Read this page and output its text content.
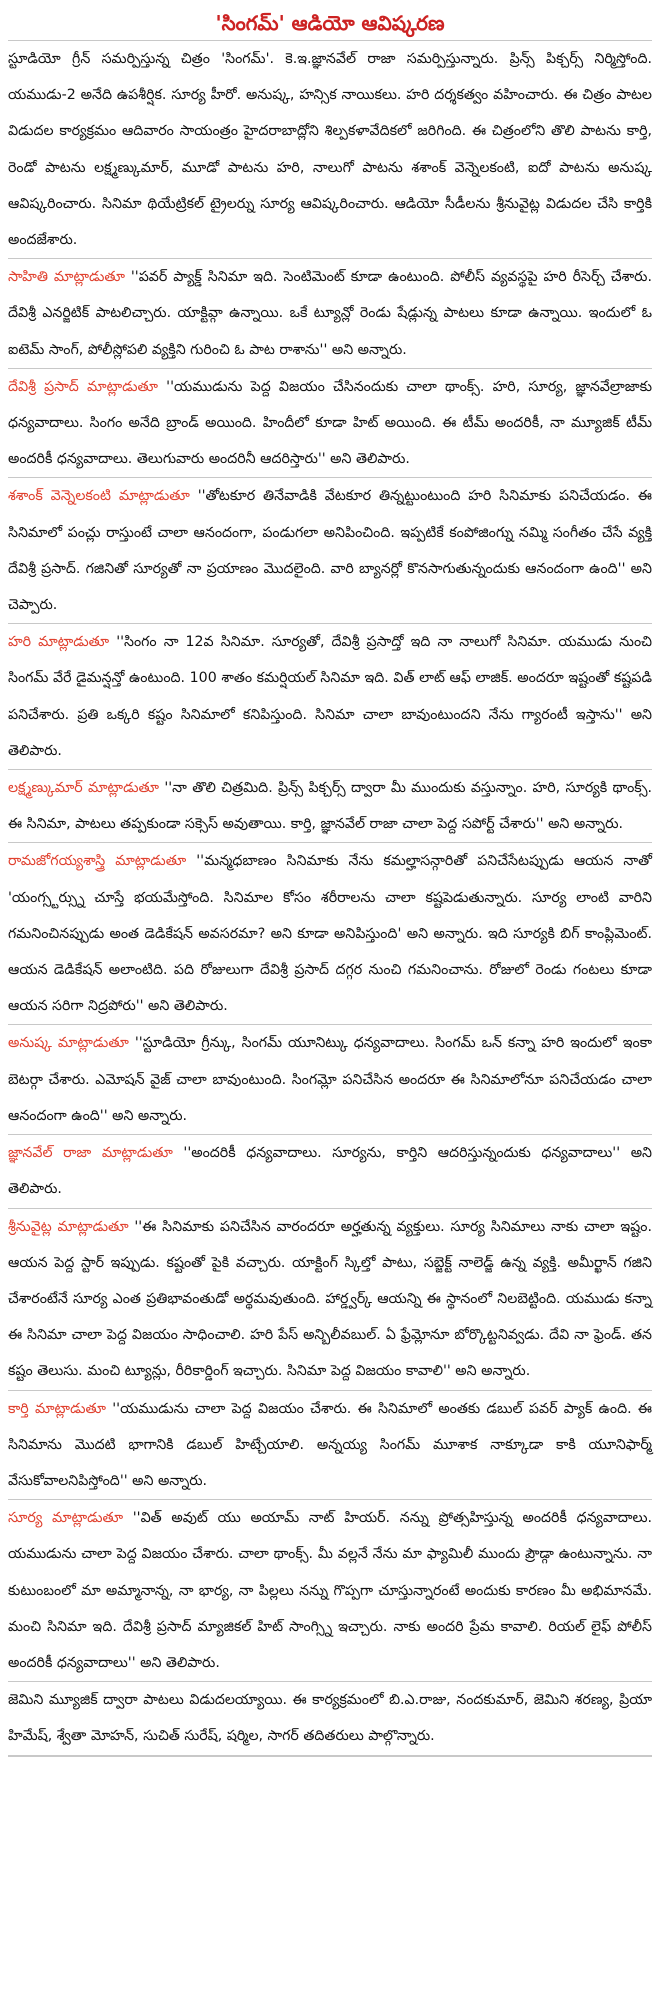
'సింగమ్' ఆడియో ఆవిష్కరణ

స్టూడియో గ్రీన్ సమర్పిస్తున్న చిత్రం 'సింగమ్'. కె.ఇ.జ్ఞానవేల్ రాజా సమర్పిస్తున్నారు. ప్రిన్స్ పిక్చర్స్ నిర్మిస్తోంది. యముడు-2 అనేది ఉపశీర్షిక. సూర్య హీరో. అనుష్క, హన్సిక నాయికలు. హరి దర్శకత్వం వహించారు. ఈ చిత్రం పాటల విడుదల కార్యక్రమం ఆదివారం సాయంత్రం హైదరాబాద్లోని శిల్పకళావేదికలో జరిగింది. ఈ చిత్రంలోని తొలి పాటను కార్తి, రెండో పాటను లక్ష్మణ్కుమార్, మూడో పాటను హరి, నాలుగో పాటను శశాంక్ వెన్నెలకంటి, ఐదో పాటను అనుష్క ఆవిష్కరించారు. సినిమా థియేట్రికల్ ట్రైలర్ను సూర్య ఆవిష్కరించారు. ఆడియో సీడీలను శ్రీనువైట్ల విడుదల చేసి కార్తికి అందజేశారు.

సాహితి మాట్లాడుతూ ''పవర్ ప్యాక్డ్ సినిమా ఇది. సెంటిమెంట్ కూడా ఉంటుంది. పోలీస్ వ్యవస్థపై హరి రీసెర్చ్ చేశారు. దేవిశ్రీ ఎనర్జిటిక్ పాటలిచ్చారు. యాక్టివ్గా ఉన్నాయి. ఒకే ట్యూన్లో రెండు షేడ్లున్న పాటలు కూడా ఉన్నాయి. ఇందులో ఓ ఐటెమ్ సాంగ్, పోలీస్లోపలి వ్యక్తిని గురించి ఓ పాట రాశాను'' అని అన్నారు.

దేవిశ్రీ ప్రసాద్ మాట్లాడుతూ ''యముడును పెద్ద విజయం చేసినందుకు చాలా థాంక్స్. హరి, సూర్య, జ్ఞానవేల్రాజాకు ధన్యవాదాలు. సింగం అనేది బ్రాండ్ అయింది. హిందీలో కూడా హిట్ అయింది. ఈ టీమ్ అందరికీ, నా మ్యూజిక్ టీమ్ అందరికీ ధన్యవాదాలు. తెలుగువారు అందరినీ ఆదరిస్తారు'' అని తెలిపారు.

శశాంక్ వెన్నెలకంటి మాట్లాడుతూ ''తోటకూర తినేవాడికి వేటకూర తిన్నట్టుంటుంది హరి సినిమాకు పనిచేయడం. ఈ సినిమాలో పంచ్లు రాస్తుంటే చాలా ఆనందంగా, పండుగలా అనిపించింది. ఇప్పటికే కంపోజింగ్ను నమ్మి సంగీతం చేసే వ్యక్తి దేవిశ్రీ ప్రసాద్. గజినితో సూర్యతో నా ప్రయాణం మొదలైంది. వారి బ్యానర్లో కొనసాగుతున్నందుకు ఆనందంగా ఉంది'' అని చెప్పారు.

హరి మాట్లాడుతూ ''సింగం నా 12వ సినిమా. సూర్యతో, దేవిశ్రీ ప్రసాద్తో ఇది నా నాలుగో సినిమా. యముడు నుంచి సింగమ్ వేరే డైమన్షన్తో ఉంటుంది. 100 శాతం కమర్షియల్ సినిమా ఇది. విత్ లాట్ ఆఫ్ లాజిక్. అందరూ ఇష్టంతో కష్టపడి పనిచేశారు. ప్రతి ఒక్కరి కష్టం సినిమాలో కనిపిస్తుంది. సినిమా చాలా బావుంటుందని నేను గ్యారంటీ ఇస్తాను'' అని తెలిపారు.

లక్ష్మణ్కుమార్ మాట్లాడుతూ ''నా తొలి చిత్రమిది. ప్రిన్స్ పిక్చర్స్ ద్వారా మీ ముందుకు వస్తున్నాం. హరి, సూర్యకి థాంక్స్. ఈ సినిమా, పాటలు తప్పకుండా సక్సెస్ అవుతాయి. కార్తి, జ్ఞానవేల్ రాజా చాలా పెద్ద సపోర్ట్ చేశారు'' అని అన్నారు.

రామజోగయ్యశాస్త్రి మాట్లాడుతూ ''మన్మధబాణం సినిమాకు నేను కమల్హాసన్గారితో పనిచేసేటప్పుడు ఆయన నాతో 'యంగ్స్టర్స్ను చూస్తే భయమేస్తోంది. సినిమాల కోసం శరీరాలను చాలా కష్టపెడుతున్నారు. సూర్య లాంటి వారిని గమనించినప్పుడు అంత డెడికేషన్ అవసరమా? అని కూడా అనిపిస్తుంది' అని అన్నారు. ఇది సూర్యకి బిగ్ కాంప్లిమెంట్. ఆయన డెడికేషన్ అలాంటిది. పది రోజులుగా దేవిశ్రీ ప్రసాద్ దగ్గర నుంచి గమనించాను. రోజులో రెండు గంటలు కూడా ఆయన సరిగా నిద్రపోరు'' అని తెలిపారు.

అనుష్క మాట్లాడుతూ ''స్టూడియో గ్రీన్కు, సింగమ్ యూనిట్కు ధన్యవాదాలు. సింగమ్ ఒన్ కన్నా హరి ఇందులో ఇంకా బెటర్గా చేశారు. ఎమోషన్ వైజ్ చాలా బావుంటుంది. సింగమ్లో పనిచేసిన అందరూ ఈ సినిమాలోనూ పనిచేయడం చాలా ఆనందంగా ఉంది'' అని అన్నారు.

జ్ఞానవేల్ రాజా మాట్లాడుతూ ''అందరికీ ధన్యవాదాలు. సూర్యను, కార్తిని ఆదరిస్తున్నందుకు ధన్యవాదాలు'' అని తెలిపారు.

శ్రీనువైట్ల మాట్లాడుతూ ''ఈ సినిమాకు పనిచేసిన వారందరూ అర్హతున్న వ్యక్తులు. సూర్య సినిమాలు నాకు చాలా ఇష్టం. ఆయన పెద్ద స్టార్ ఇప్పుడు. కష్టంతో పైకి వచ్చారు. యాక్టింగ్ స్కిల్తో పాటు, సబ్జెక్ట్ నాలెడ్జ్ ఉన్న వ్యక్తి. అమీర్ఖాన్ గజిని చేశారంటేనే సూర్య ఎంత ప్రతిభావంతుడో అర్థమవుతుంది. హార్డ్వర్క్ ఆయన్ని ఈ స్థానంలో నిలబెట్టింది. యముడు కన్నా ఈ సినిమా చాలా పెద్ద విజయం సాధించాలి. హరి పేస్ అన్బిలీవబుల్. ఏ ఫ్రేమ్లోనూ బోర్కొట్టనివ్వడు. దేవి నా ఫ్రెండ్. తన కష్టం తెలుసు. మంచి ట్యూన్లు, రీరికార్డింగ్ ఇచ్చారు. సినిమా పెద్ద విజయం కావాలి'' అని అన్నారు.

కార్తి మాట్లాడుతూ ''యముడును చాలా పెద్ద విజయం చేశారు. ఈ సినిమాలో అంతకు డబుల్ పవర్ ప్యాక్ ఉంది. ఈ సినిమాను మొదటి భాగానికి డబుల్ హిట్చేయాలి. అన్నయ్య సింగమ్ మూశాక నాక్కూడా కాకి యూనిఫార్మ్ వేసుకోవాలనిపిస్తోంది'' అని అన్నారు.

సూర్య మాట్లాడుతూ ''విత్ అవుట్ యు అయామ్ నాట్ హియర్. నన్ను ప్రోత్సహిస్తున్న అందరికీ ధన్యవాదాలు. యముడును చాలా పెద్ద విజయం చేశారు. చాలా థాంక్స్. మీ వల్లనే నేను మా ఫ్యామిలీ ముందు ప్రౌడ్గా ఉంటున్నాను. నా కుటుంబంలో మా అమ్మానాన్న, నా భార్య, నా పిల్లలు నన్ను గొప్పగా చూస్తున్నారంటే అందుకు కారణం మీ అభిమానమే. మంచి సినిమా ఇది. దేవిశ్రీ ప్రసాద్ మ్యాజికల్ హిట్ సాంగ్స్ని ఇచ్చారు. నాకు అందరి ప్రేమ కావాలి. రియల్ లైఫ్ పోలీస్ అందరికీ ధన్యవాదాలు'' అని తెలిపారు.

జెమిని మ్యూజిక్ ద్వారా పాటలు విడుదలయ్యాయి. ఈ కార్యక్రమంలో బి.ఎ.రాజు, నందకుమార్, జెమిని శరణ్య, ప్రియా హిమేష్, శ్వేతా మోహన్, సుచిత్ సురేష్, షర్మిల, సాగర్ తదితరులు పాల్గొన్నారు.
